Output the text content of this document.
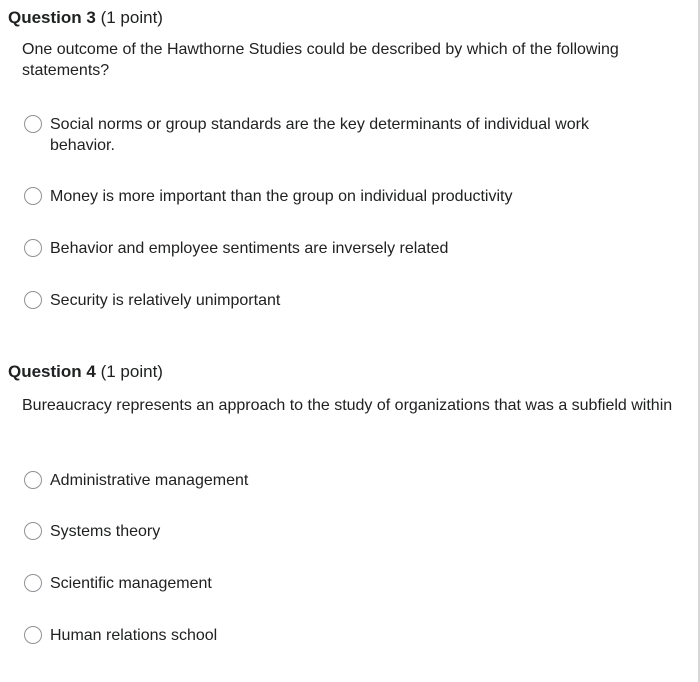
Question 3 (1 point)
One outcome of the Hawthorne Studies could be described by which of the following statements?
Social norms or group standards are the key determinants of individual work behavior.
Money is more important than the group on individual productivity
Behavior and employee sentiments are inversely related
Security is relatively unimportant
Question 4 (1 point)
Bureaucracy represents an approach to the study of organizations that was a subfield within
Administrative management
Systems theory
Scientific management
Human relations school
